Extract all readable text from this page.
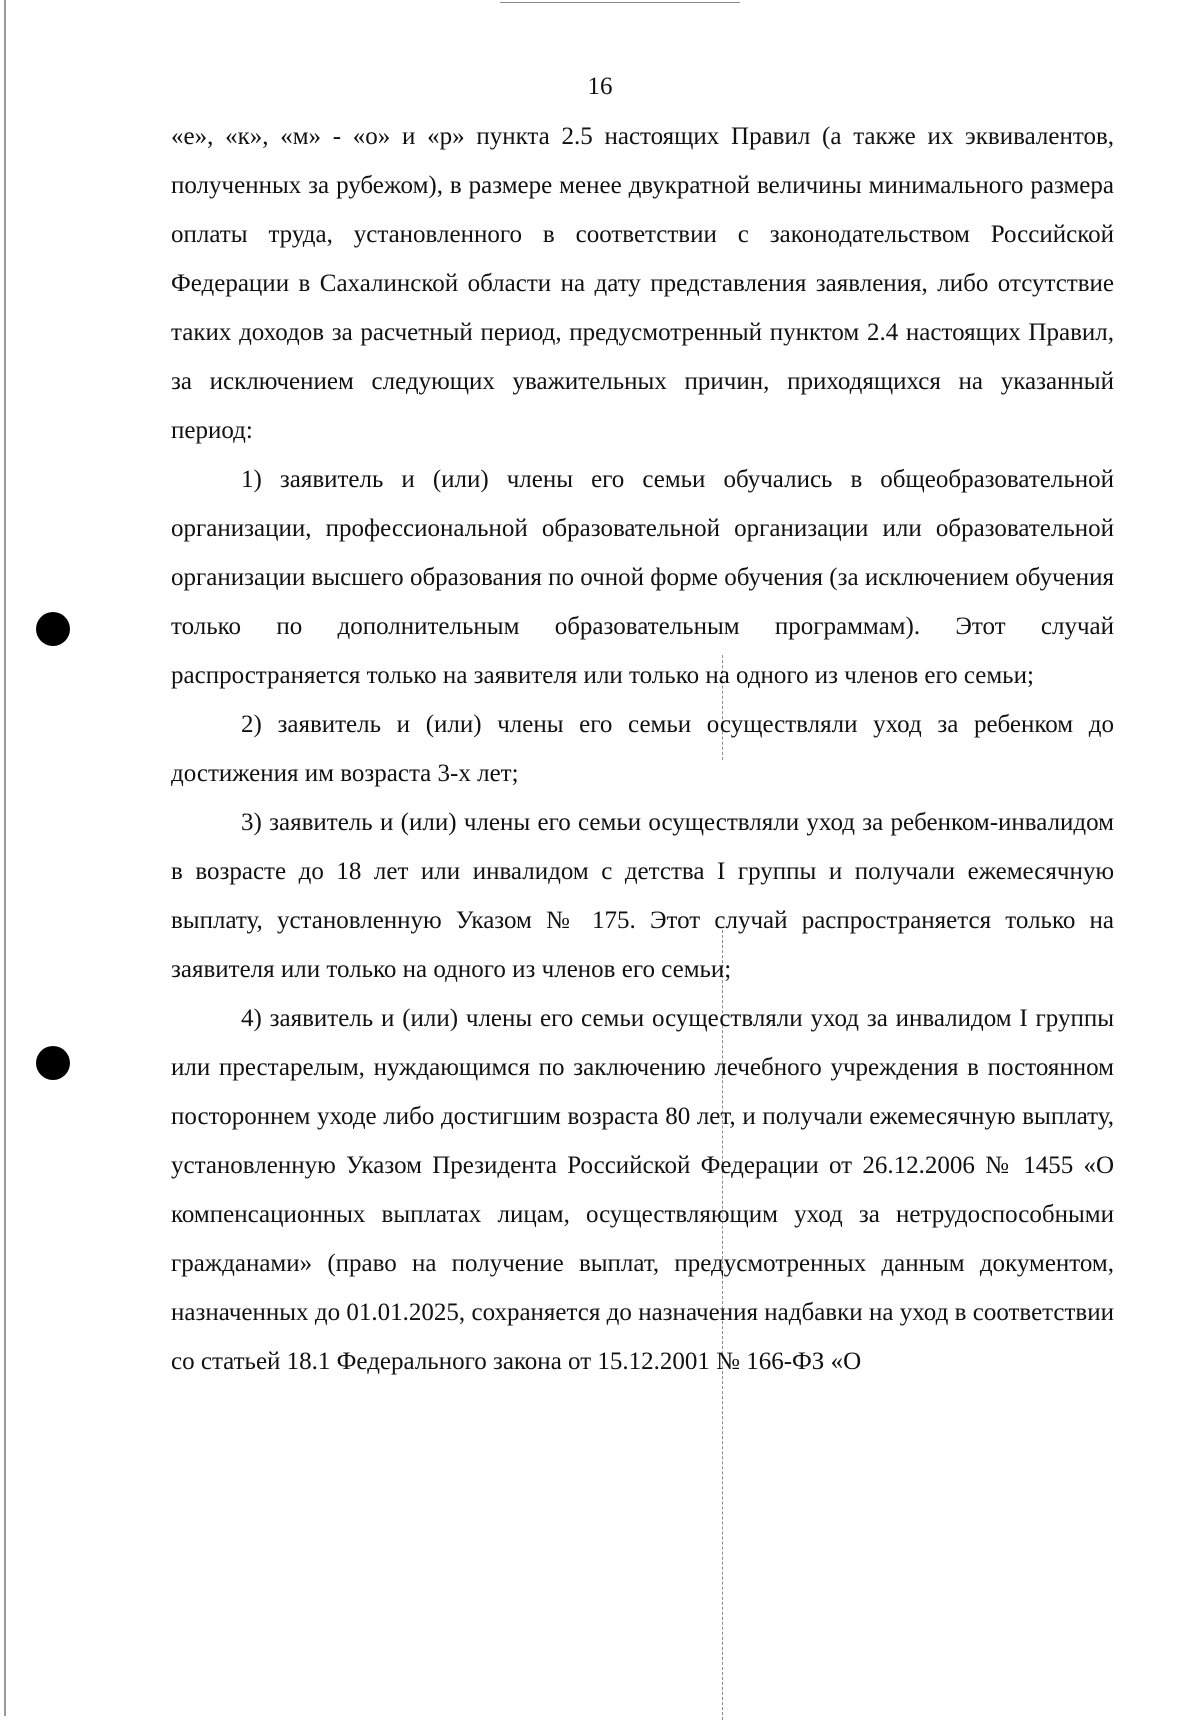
16

«е», «к», «м» - «о» и «р» пункта 2.5 настоящих Правил (а также их эквивалентов, полученных за рубежом), в размере менее двукратной величины минимального размера оплаты труда, установленного в соответствии с законодательством Российской Федерации в Сахалинской области на дату представления заявления, либо отсутствие таких доходов за расчетный период, предусмотренный пунктом 2.4 настоящих Правил, за исключением следующих уважительных причин, приходящихся на указанный период:

1) заявитель и (или) члены его семьи обучались в общеобразовательной организации, профессиональной образовательной организации или образовательной организации высшего образования по очной форме обучения (за исключением обучения только по дополнительным образовательным программам). Этот случай распространяется только на заявителя или только на одного из членов его семьи;

2) заявитель и (или) члены его семьи осуществляли уход за ребенком до достижения им возраста 3-х лет;

3) заявитель и (или) члены его семьи осуществляли уход за ребенком-инвалидом в возрасте до 18 лет или инвалидом с детства I группы и получали ежемесячную выплату, установленную Указом № 175. Этот случай распространяется только на заявителя или только на одного из членов его семьи;

4) заявитель и (или) члены его семьи осуществляли уход за инвалидом I группы или престарелым, нуждающимся по заключению лечебного учреждения в постоянном постороннем уходе либо достигшим возраста 80 лет, и получали ежемесячную выплату, установленную Указом Президента Российской Федерации от 26.12.2006 № 1455 «О компенсационных выплатах лицам, осуществляющим уход за нетрудоспособными гражданами» (право на получение выплат, предусмотренных данным документом, назначенных до 01.01.2025, сохраняется до назначения надбавки на уход в соответствии со статьей 18.1 Федерального закона от 15.12.2001 № 166-ФЗ «О
